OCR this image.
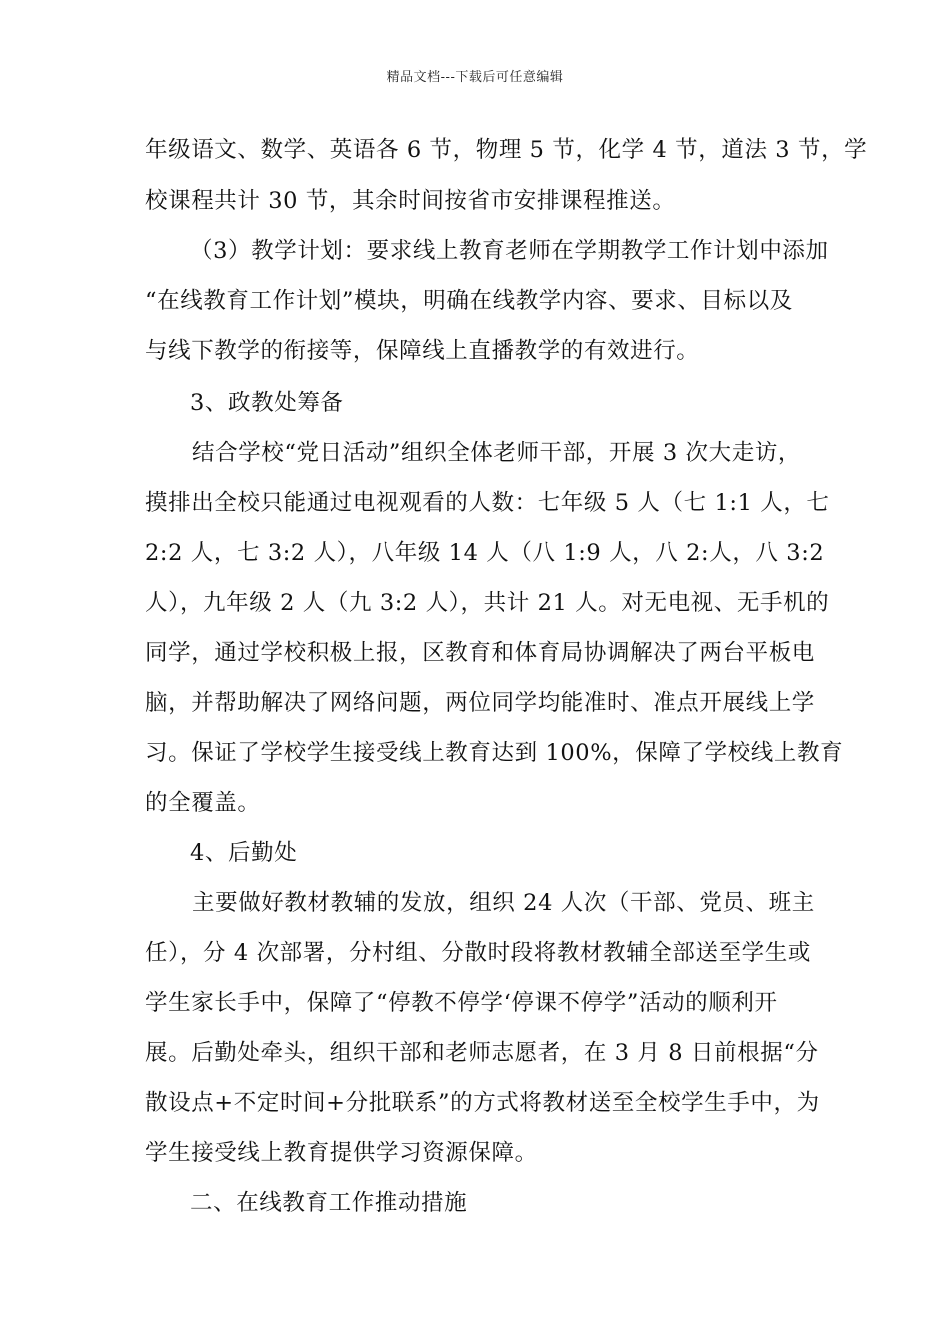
精品文档---下载后可任意编辑
年级语文、数学、英语各 6 节，物理 5 节，化学 4 节，道法 3 节，学
校课程共计 30 节，其余时间按省市安排课程推送。
（3）教学计划：要求线上教育老师在学期教学工作计划中添加
“在线教育工作计划”模块，明确在线教学内容、要求、目标以及
与线下教学的衔接等，保障线上直播教学的有效进行。
3、政教处筹备
结合学校“党日活动”组织全体老师干部，开展 3 次大走访，
摸排出全校只能通过电视观看的人数：七年级 5 人（七 1:1 人，七
2:2 人，七 3:2 人），八年级 14 人（八 1:9 人，八 2:人，八 3:2
人），九年级 2 人（九 3:2 人），共计 21 人。对无电视、无手机的
同学，通过学校积极上报，区教育和体育局协调解决了两台平板电
脑，并帮助解决了网络问题，两位同学均能准时、准点开展线上学
习。保证了学校学生接受线上教育达到 100%，保障了学校线上教育
的全覆盖。
4、后勤处
主要做好教材教辅的发放，组织 24 人次（干部、党员、班主
任），分 4 次部署，分村组、分散时段将教材教辅全部送至学生或
学生家长手中，保障了“停教不停学‘停课不停学”活动的顺利开
展。后勤处牵头，组织干部和老师志愿者，在 3 月 8 日前根据“分
散设点+不定时间+分批联系”的方式将教材送至全校学生手中，为
学生接受线上教育提供学习资源保障。
二、在线教育工作推动措施
